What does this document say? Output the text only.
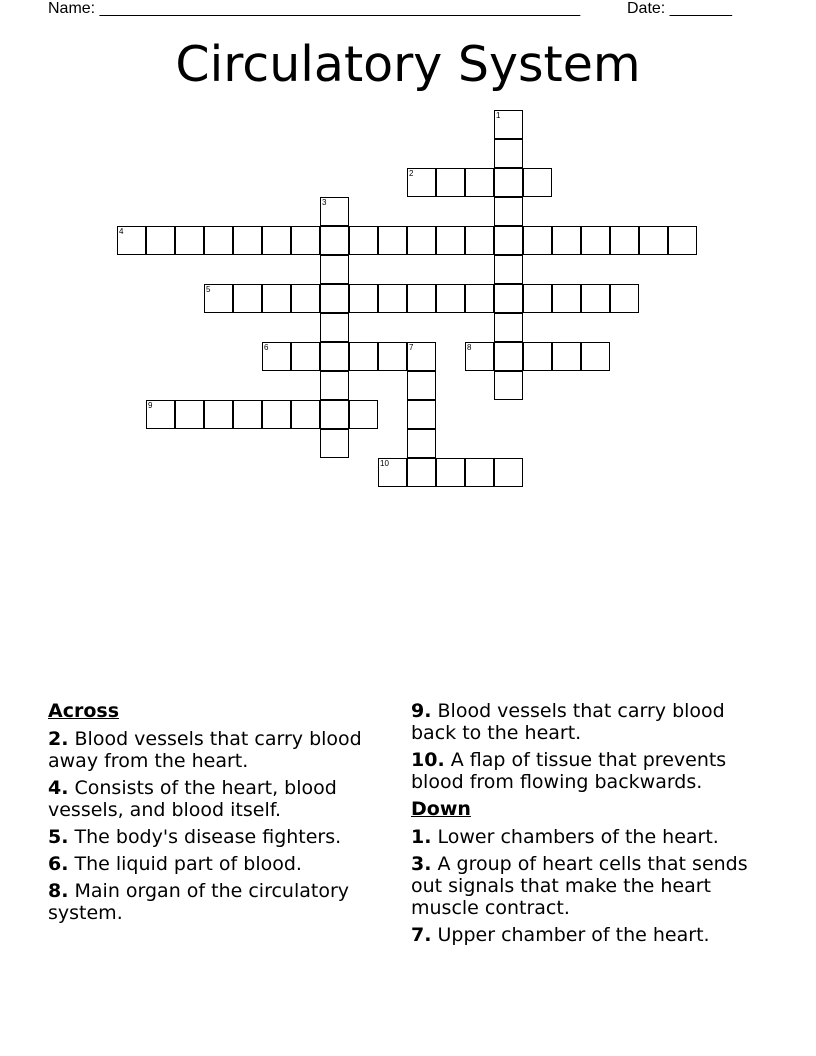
Name: ______________________________________________________	Date: _______
Circulatory System
1
2
3
4
5
6	7	8
9
10
Across
2. Blood vessels that carry blood away from the heart.
4. Consists of the heart, blood vessels, and blood itself.
5. The body's disease fighters.
6. The liquid part of blood.
8. Main organ of the circulatory system.
9. Blood vessels that carry blood back to the heart.
10. A flap of tissue that prevents blood from flowing backwards.
Down
1. Lower chambers of the heart.
3. A group of heart cells that sends out signals that make the heart muscle contract.
7. Upper chamber of the heart.
